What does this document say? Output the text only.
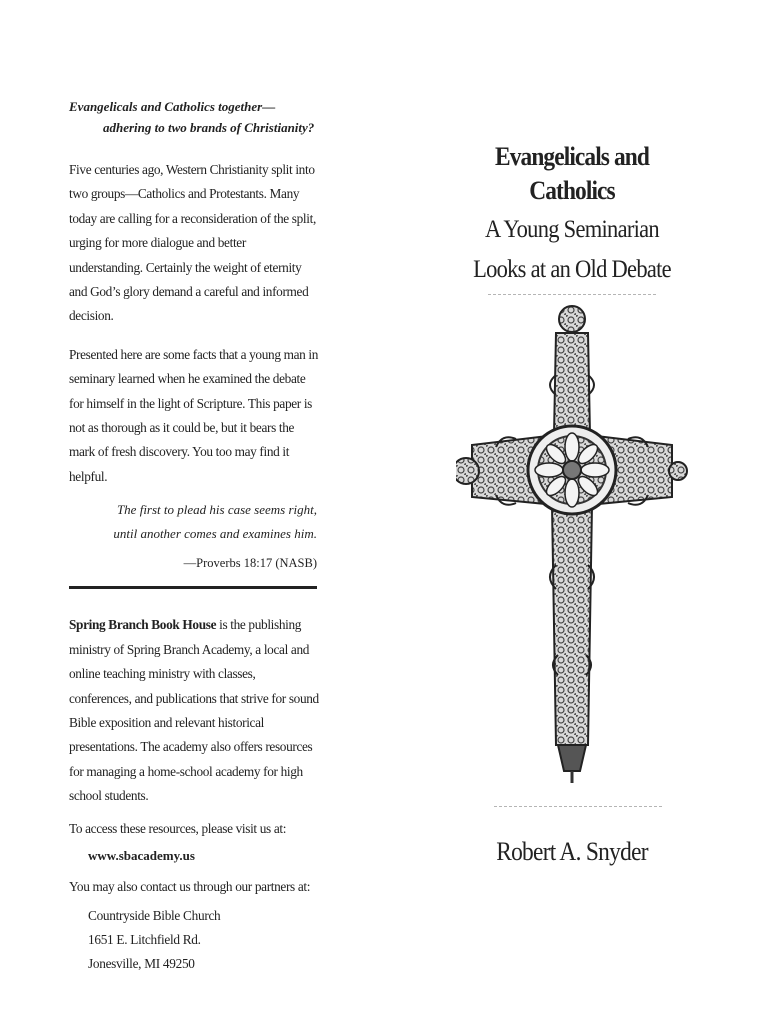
Evangelicals and Catholics together—

adhering to two brands of Christianity?

Five centuries ago, Western Christianity split into two groups—Catholics and Protestants. Many today are calling for a reconsideration of the split, urging for more dialogue and better understanding. Certainly the weight of eternity and God’s glory demand a careful and informed decision.

Presented here are some facts that a young man in seminary learned when he examined the debate for himself in the light of Scripture. This paper is not as thorough as it could be, but it bears the mark of fresh discovery. You too may find it helpful.

The first to plead his case seems right,
until another comes and examines him.
—Proverbs 18:17 (NASB)

Spring Branch Book House is the publishing ministry of Spring Branch Academy, a local and online teaching ministry with classes, conferences, and publications that strive for sound Bible exposition and relevant historical presentations. The academy also offers resources for managing a home-school academy for high school students.

To access these resources, please visit us at:
www.sbacademy.us
You may also contact us through our partners at:
Countryside Bible Church
1651 E. Litchfield Rd.
Jonesville, MI 49250
Evangelicals and Catholics
A Young Seminarian
Looks at an Old Debate
Robert A. Snyder
